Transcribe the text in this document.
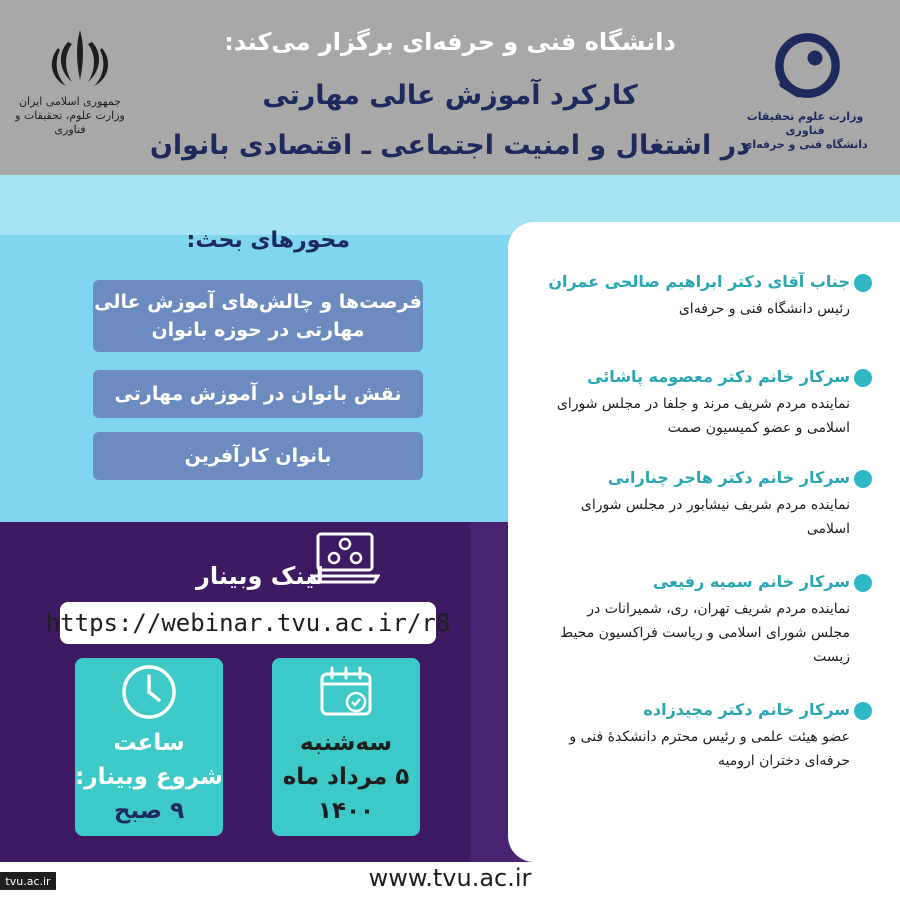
دانشگاه فنی و حرفه‌ای برگزار می‌کند:
کارکرد آموزش عالی مهارتی
در اشتغال و امنیت اجتماعی ـ اقتصادی بانوان
جمهوری اسلامی ایران
وزارت علوم، تحقیقات و فناوری
وزارت علوم تحقیقات فناوری
دانشگاه فنی و حرفه‌ای
محورهای بحث:
فرصت‌ها و چالش‌های آموزش عالی مهارتی در حوزه بانوان
نقش بانوان در آموزش مهارتی
بانوان کارآفرین
جناب آقای دکتر ابراهیم صالحی عمران
رئیس دانشگاه فنی و حرفه‌ای
سرکار خانم دکتر معصومه پاشائی
نماینده مردم شریف مرند و جلفا در مجلس شورای اسلامی و عضو کمیسیون صمت
سرکار خانم دکتر هاجر چنارانی
نماینده مردم شریف نیشابور در مجلس شورای اسلامی
سرکار خانم سمیه رفیعی
نماینده مردم شریف تهران، ری، شمیرانات در مجلس شورای اسلامی و ریاست فراکسیون محیط زیست
سرکار خانم دکتر مجیدزاده
عضو هیئت علمی و رئیس محترم دانشکدهٔ فنی و حرفه‌ای دختران ارومیه
لینک وبینار
https://webinar.tvu.ac.ir/r8
ساعت
شروع وبینار:
۹ صبح
سه‌شنبه
۵ مرداد ماه
۱۴۰۰
www.tvu.ac.ir
tvu.ac.ir
